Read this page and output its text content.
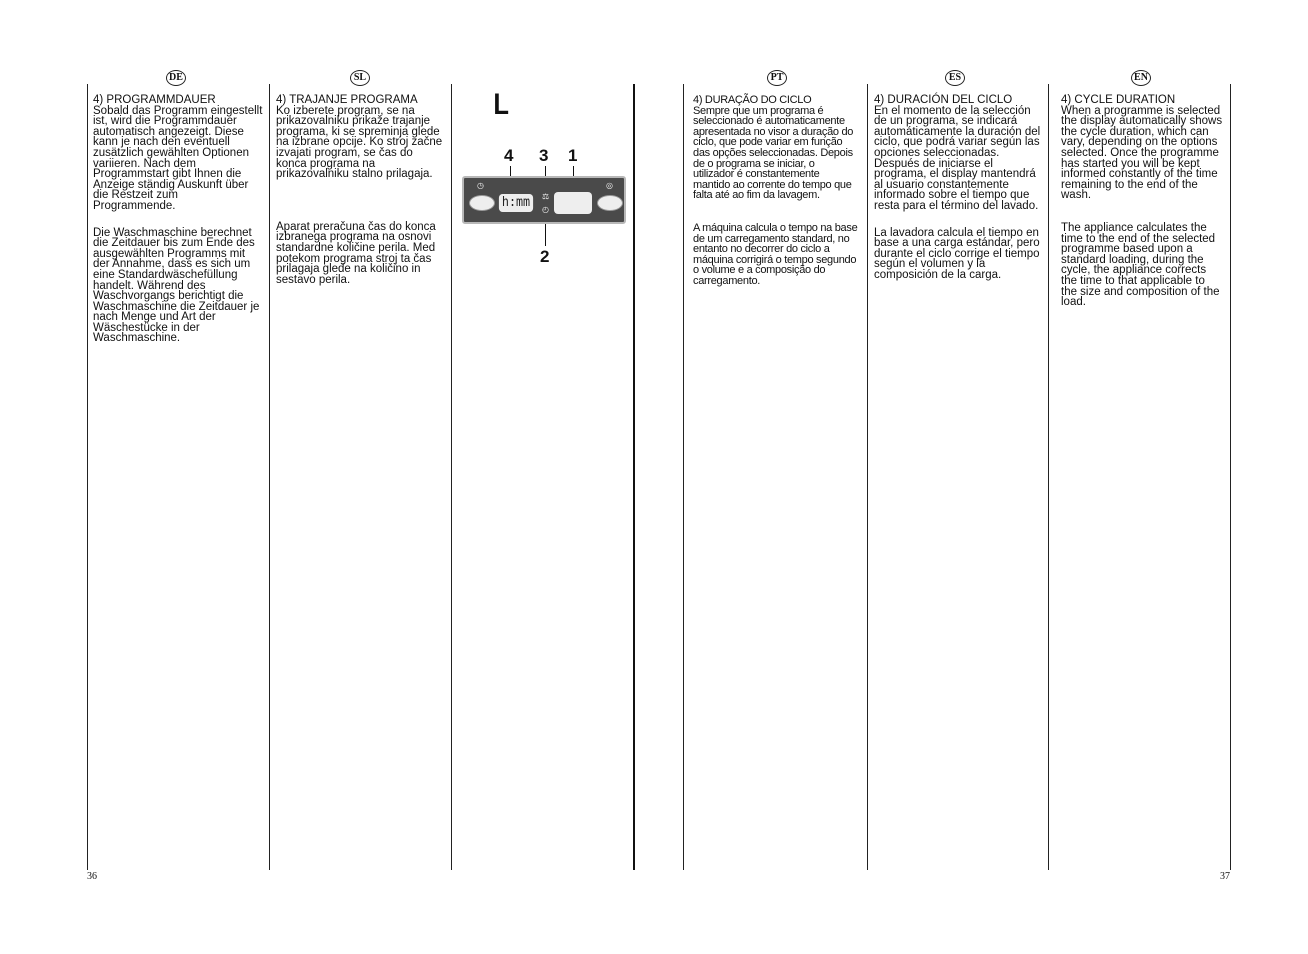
DE	SL	PT	ES	EN

4) PROGRAMMDAUER

Sobald das Programm eingestellt ist, wird die Programmdauer automatisch angezeigt. Diese kann je nach den eventuell zusätzlich gewählten Optionen variieren. Nach dem Programmstart gibt Ihnen die Anzeige ständig Auskunft über die Restzeit zum Programmende.

Die Waschmaschine berechnet die Zeitdauer bis zum Ende des ausgewählten Programms mit der Annahme, dass es sich um eine Standardwäschefüllung handelt. Während des Waschvorgangs berichtigt die Waschmaschine die Zeitdauer je nach Menge und Art der Wäschestücke in der Waschmaschine.

4) TRAJANJE PROGRAMA

Ko izberete program, se na prikazovalniku prikaže trajanje programa, ki se spreminja glede na izbrane opcije. Ko stroj začne izvajati program, se čas do konca programa na prikazovalniku stalno prilagaja.

Aparat preračuna čas do konca izbranega programa na osnovi standardne količine perila. Med potekom programa stroj ta čas prilagaja glede na količino in sestavo perila.

L
4 3 1
2
◷	◎
h:mm	⚖
◴

4) DURAÇÃO DO CICLO

Sempre que um programa é seleccionado é automaticamente apresentada no visor a duração do ciclo, que pode variar em função das opções seleccionadas. Depois de o programa se iniciar, o utilizador é constantemente mantido ao corrente do tempo que falta até ao fim da lavagem.

A máquina calcula o tempo na base de um carregamento standard, no entanto no decorrer do ciclo a máquina corrigirá o tempo segundo o volume e a composição do carregamento.

4) DURACIÓN DEL CICLO

En el momento de la selección de un programa, se indicará automáticamente la duración del ciclo, que podrá variar según las opciones seleccionadas. Después de iniciarse el programa, el display mantendrá al usuario constantemente informado sobre el tiempo que resta para el término del lavado.

La lavadora calcula el tiempo en base a una carga estándar, pero durante el ciclo corrige el tiempo según el volumen y la composición de la carga.

4) CYCLE DURATION

When a programme is selected the display automatically shows the cycle duration, which can vary, depending on the options selected. Once the programme has started you will be kept informed constantly of the time remaining to the end of the wash.

The appliance calculates the time to the end of the selected programme based upon a standard loading, during the cycle, the appliance corrects the time to that applicable to the size and composition of the load.

36	37
